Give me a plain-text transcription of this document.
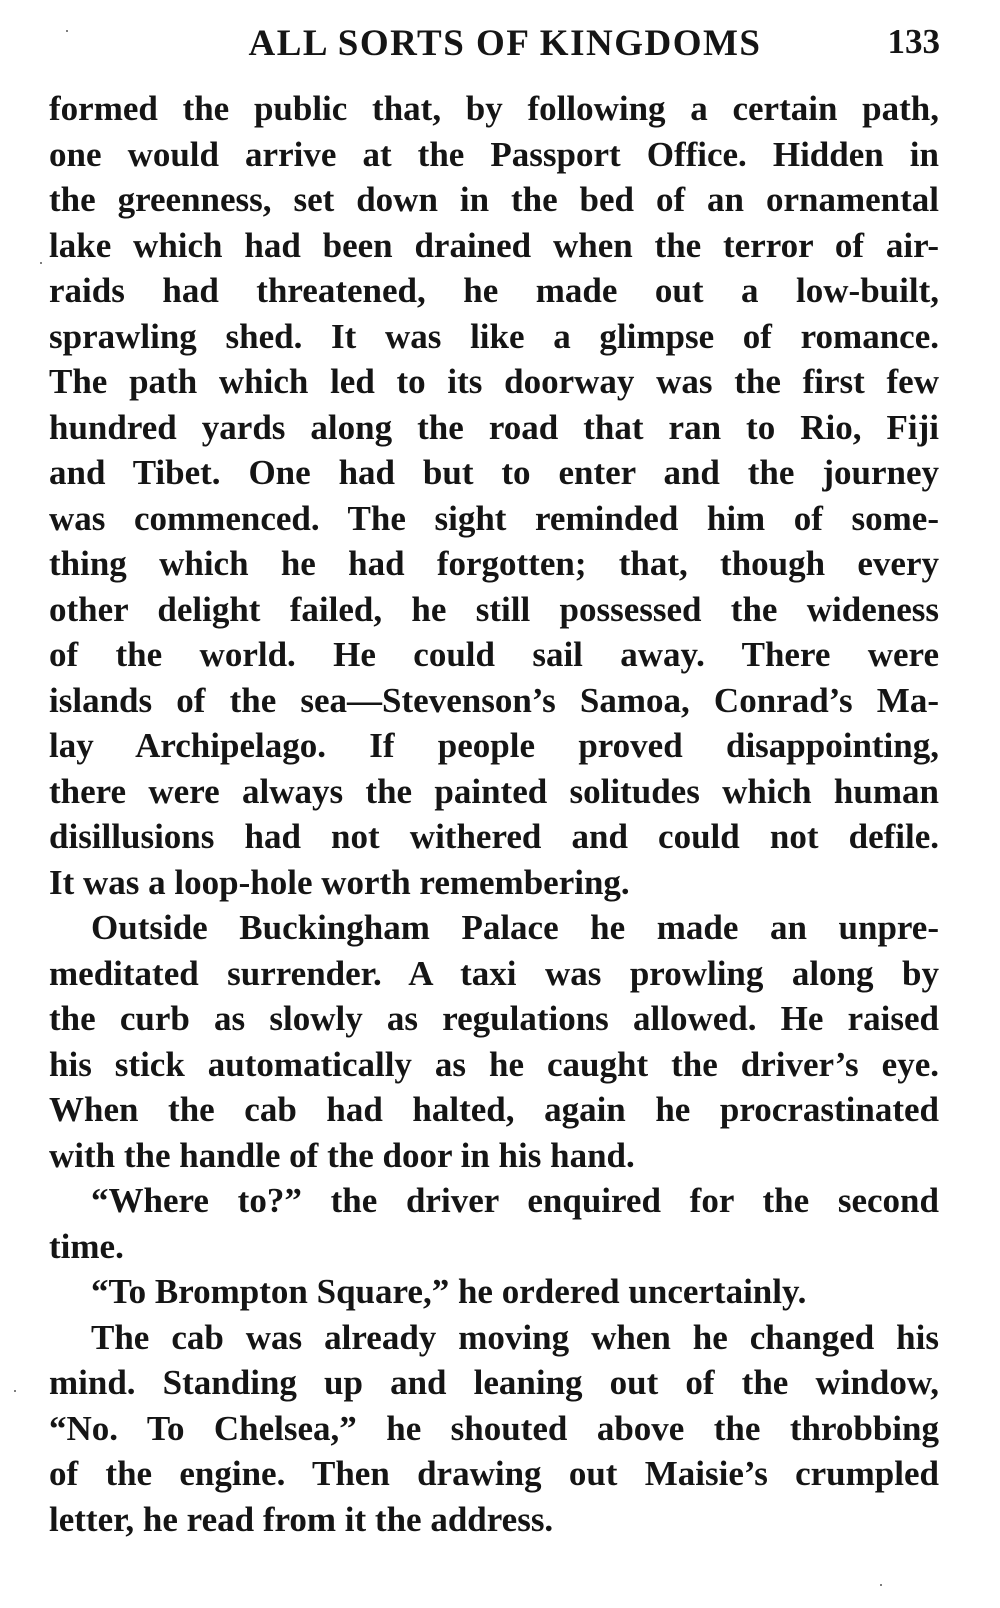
ALL SORTS OF KINGDOMS	133
formed the public that, by following a certain path,
one would arrive at the Passport Office. Hidden in
the greenness, set down in the bed of an ornamental
lake which had been drained when the terror of air-
raids had threatened, he made out a low-built,
sprawling shed. It was like a glimpse of romance.
The path which led to its doorway was the first few
hundred yards along the road that ran to Rio, Fiji
and Tibet. One had but to enter and the journey
was commenced. The sight reminded him of some-
thing which he had forgotten; that, though every
other delight failed, he still possessed the wideness
of the world. He could sail away. There were
islands of the sea—Stevenson’s Samoa, Conrad’s Ma-
lay Archipelago. If people proved disappointing,
there were always the painted solitudes which human
disillusions had not withered and could not defile.
It was a loop-hole worth remembering.
Outside Buckingham Palace he made an unpre-
meditated surrender. A taxi was prowling along by
the curb as slowly as regulations allowed. He raised
his stick automatically as he caught the driver’s eye.
When the cab had halted, again he procrastinated
with the handle of the door in his hand.
“Where to?” the driver enquired for the second
time.
“To Brompton Square,” he ordered uncertainly.
The cab was already moving when he changed his
mind. Standing up and leaning out of the window,
“No. To Chelsea,” he shouted above the throbbing
of the engine. Then drawing out Maisie’s crumpled
letter, he read from it the address.
